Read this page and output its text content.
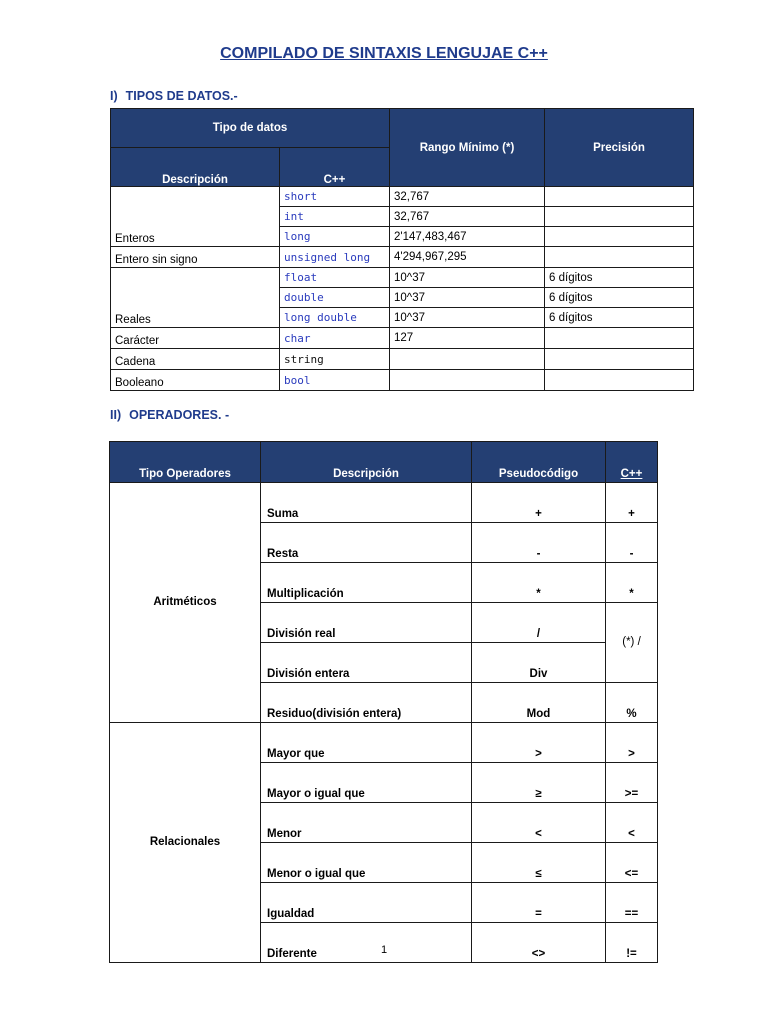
COMPILADO DE SINTAXIS LENGUJAE C++
I) TIPOS DE DATOS.-
Tipo de datos		Rango Mínimo (*)	Precisión
Descripción	C++		
Enteros	short	32,767	
	int	32,767	
	long	2'147,483,467	
Entero sin signo	unsigned long	4'294,967,295	
Reales	float	10^37	6 dígitos
	double	10^37	6 dígitos
	long double	10^37	6 dígitos
Carácter	char	127	
Cadena	string		
Booleano	bool		
II) OPERADORES. -
Tipo Operadores	Descripción	Pseudocódigo	C++
Aritméticos	Suma	+	+
	Resta	-	-
	Multiplicación	*	*
	División real	/	(*) /
	División entera	Div	
	Residuo(división entera)	Mod	%
Relacionales	Mayor que	>	>
	Mayor o igual que	≥	>=
	Menor	<	<
	Menor o igual que	≤	<=
	Igualdad	=	==
	Diferente	<>	!=
1
